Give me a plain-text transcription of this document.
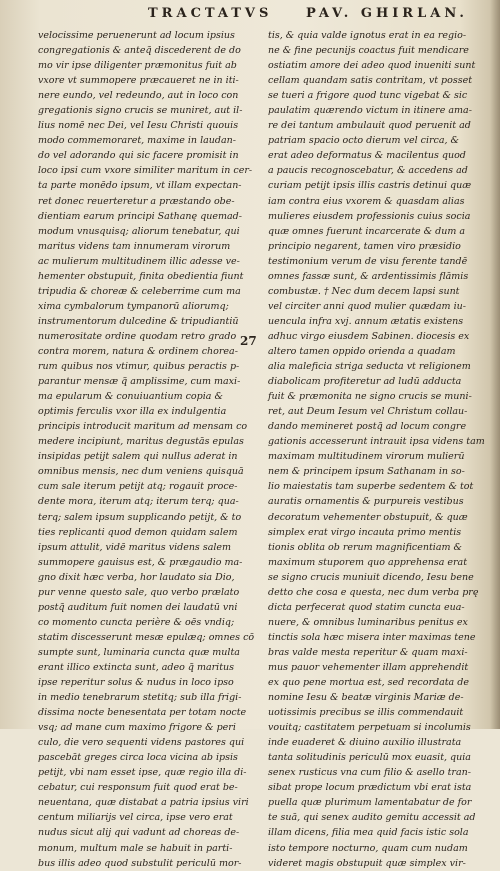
TRACTATVS	PAV. GHIRLAN.
velocissime peruenerunt ad locum ipsius
congregationis & anteq̃ discederent de do
mo vir ipse diligenter præmonitus fuit ab
vxore vt summopere præcaueret ne in iti-
nere eundo, vel redeundo, aut in loco con
gregationis signo crucis se muniret, aut il-
lius nomē nec Dei, vel Iesu Christi quouis
modo commemoraret, maxime in laudan-
do vel adorando qui sic facere promisit in
loco ipsi cum vxore similiter maritum in cer-
ta parte monēdo ipsum, vt illam expectan-
ret donec reuerteretur a præstando obe-
dientiam earum principi Sathanę quemad-
modum vnusquisq; aliorum tenebatur, qui
maritus videns tam innumeram virorum
ac mulierum multitudinem illic adesse ve-
hementer obstupuit, finita obedientia fiunt
tripudia & choreæ & celeberrime cum ma
xima cymbalorum tympanorū aliorumq;
instrumentorum dulcedine & tripudiantiū
numerositate ordine quodam retro grado
contra morem, natura & ordinem chorea-
rum quibus nos vtimur, quibus peractis p-
parantur mensæ q̃ amplissime, cum maxi-
ma epularum & conuiuantium copia &
optimis ferculis vxor illa ex indulgentia
principis introducit maritum ad mensam co
medere incipiunt, maritus degustās epulas
insipidas petijt salem qui nullus aderat in
omnibus mensis, nec dum veniens quisquā
cum sale iterum petijt atq; rogauit proce-
dente mora, iterum atq; iterum terq; qua-
terq; salem ipsum supplicando petijt, & to
ties replicanti quod demon quidam salem
ipsum attulit, vidē maritus videns salem
summopere gauisus est, & prægaudio ma-
gno dixit hæc verba, hor laudato sia Dio,
pur venne questo sale, quo verbo prælato
postq̃ auditum fuit nomen dei laudatū vni
co momento cuncta perière & oēs vndiq;
statim discesserunt mesæ epulæq; omnes cō
sumpte sunt, luminaria cuncta quæ multa
erant illico extincta sunt, adeo q̃ maritus
ipse reperitur solus & nudus in loco ipso
in medio tenebrarum stetitq; sub illa frigi-
dissima nocte benesentata per totam nocte
vsq; ad mane cum maximo frigore & peri
culo, die vero sequenti videns pastores qui
pascebāt greges circa loca vicina ab ipsis
petijt, vbi nam esset ipse, quæ regio illa di-
cebatur, cui responsum fuit quod erat be-
neuentana, quæ distabat a patria ipsius viri
centum miliarijs vel circa, ipse vero erat
nudus sicut alij qui vadunt ad choreas de-
monum, multum male se habuit in parti-
bus illis adeo quod substulit periculū mor-
tis, & quia valde ignotus erat in ea regio-
ne & fine pecunijs coactus fuit mendicare
ostiatim amore dei adeo quod inueniti sunt
cellam quandam satis contritam, vt posset
se tueri a frigore quod tunc vigebat & sic
paulatim quærendo victum in itinere ama-
re dei tantum ambulauit quod peruenit ad
patriam spacio octo dierum vel circa, &
erat adeo deformatus & macilentus quod
a paucis recognoscebatur, & accedens ad
curiam petijt ipsis illis castris detinui quæ
iam contra eius vxorem & quasdam alias
mulieres eiusdem professionis cuius socia
quæ omnes fuerunt incarcerate & dum a
principio negarent, tamen viro præsidio
testimonium verum de visu ferente tandē
omnes fassæ sunt, & ardentissimis flāmis
combustæ. † Nec dum decem lapsi sunt
vel circiter anni quod mulier quædam iu-
uencula infra xvj. annum ætatis existens
adhuc virgo eiusdem Sabinen. diocesis ex
altero tamen oppido orienda a quadam
alia maleficia striga seducta vt religionem
diabolicam profiteretur ad ludū adducta
fuit & præmonita ne signo crucis se muni-
ret, aut Deum Iesum vel Christum collau-
dando memineret postq̃ ad locum congre
gationis accesserunt intrauit ipsa videns tam
maximam multitudinem virorum mulierū
nem & principem ipsum Sathanam in so-
lio maiestatis tam superbe sedentem & tot
auratis ornamentis & purpureis vestibus
decoratum vehementer obstupuit, & quæ
simplex erat virgo incauta primo mentis
tionis oblita ob rerum magnificentiam &
maximum stuporem quo apprehensa erat
se signo crucis muniuit dicendo, Iesu bene
detto che cosa e questa, nec dum verba prę
dicta perfecerat quod statim cuncta eua-
nuere, & omnibus luminaribus penitus ex
tinctis sola hæc misera inter maximas tene
bras valde mesta reperitur & quam maxi-
mus pauor vehementer illam apprehendit
ex quo pene mortua est, sed recordata de
nomine Iesu & beatæ virginis Mariæ de-
uotissimis precibus se illis commendauit
vouitq; castitatem perpetuam si incolumis
inde euaderet & diuino auxilio illustrata
tanta solitudinis periculū mox euasit, quia
senex rusticus vna cum filio & asello tran-
sibat prope locum prædictum vbi erat ista
puella quæ plurimum lamentabatur de for
te suā, qui senex audito gemitu accessit ad
illam dicens, filia mea quid facis istic sola
isto tempore nocturno, quam cum nudam
videret magis obstupuit quæ simplex vir-
27
